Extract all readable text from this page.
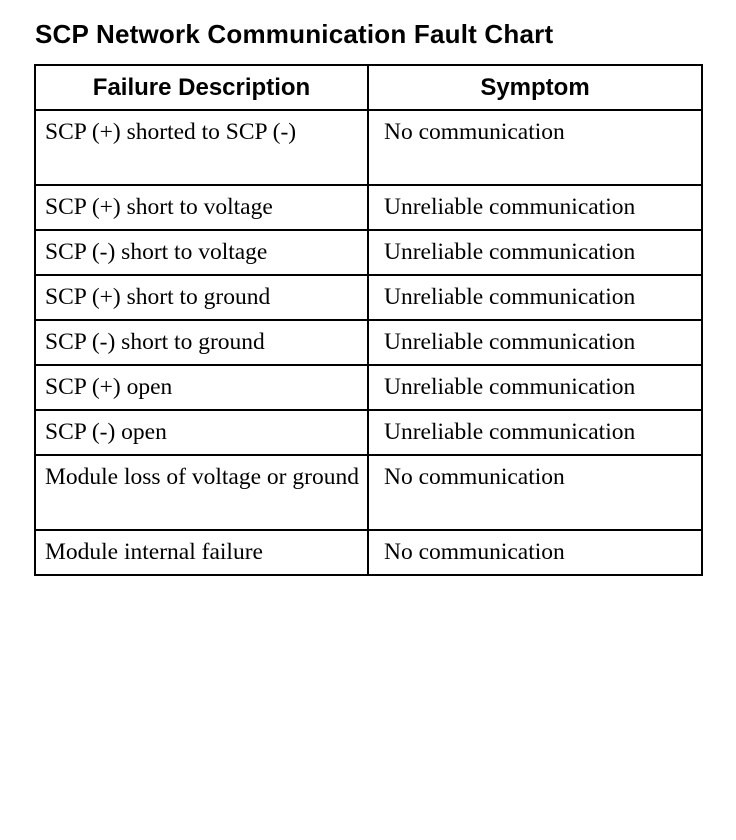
SCP Network Communication Fault Chart
Failure Description	Symptom
SCP (+) shorted to SCP (-)	No communication
SCP (+) short to voltage	Unreliable communication
SCP (-) short to voltage	Unreliable communication
SCP (+) short to ground	Unreliable communication
SCP (-) short to ground	Unreliable communication
SCP (+) open	Unreliable communication
SCP (-) open	Unreliable communication
Module loss of voltage or ground	No communication
Module internal failure	No communication
